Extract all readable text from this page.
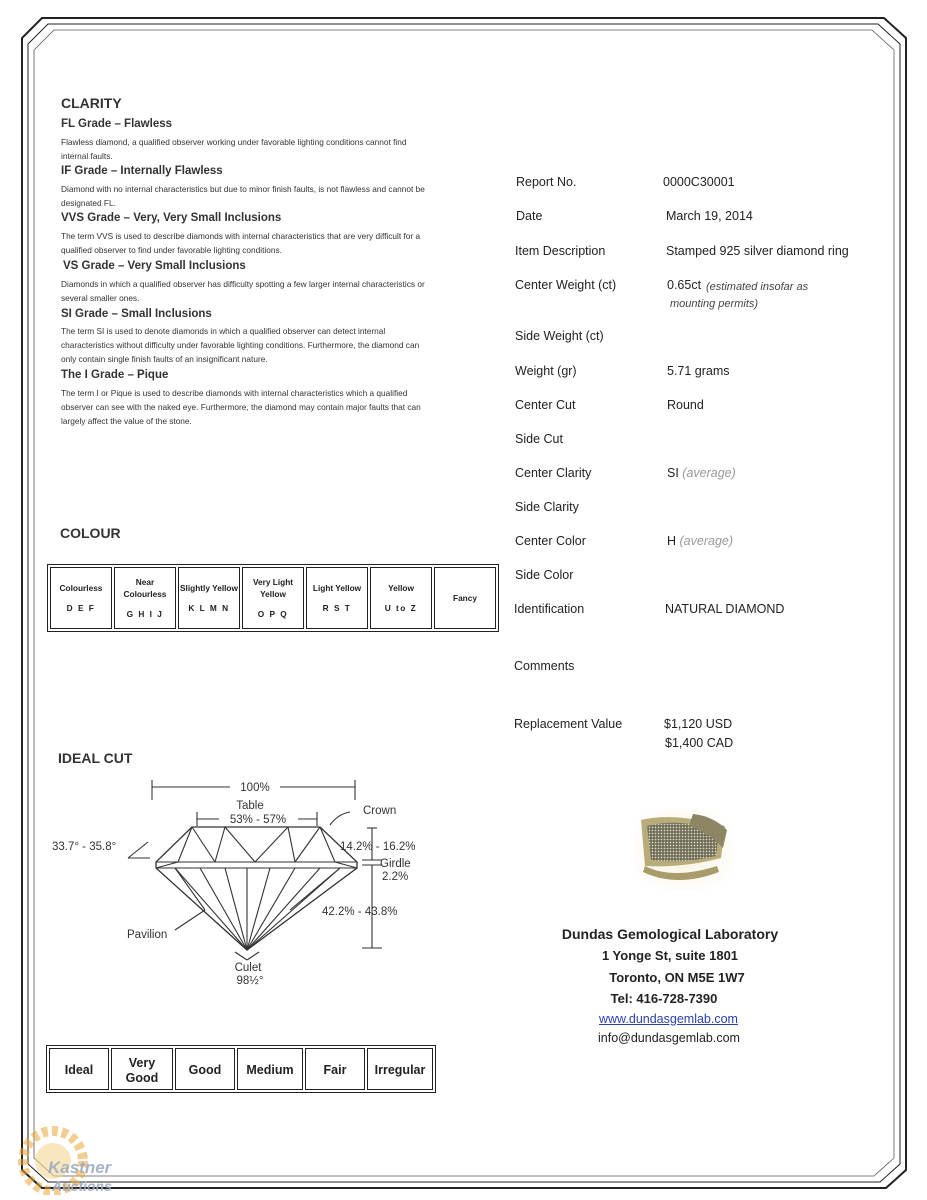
CLARITY
FL Grade – Flawless
Flawless diamond, a qualified observer working under favorable lighting conditions cannot find internal faults.
IF Grade – Internally Flawless
Diamond with no internal characteristics but due to minor finish faults, is not flawless and cannot be designated FL.
VVS Grade – Very, Very Small Inclusions
The term VVS is used to describe diamonds with internal characteristics that are very difficult for a qualified observer to find under favorable lighting conditions.
VS Grade – Very Small Inclusions
Diamonds in which a qualified observer has difficulty spotting a few larger internal characteristics or several smaller ones.
SI Grade – Small Inclusions
The term SI is used to denote diamonds in which a qualified observer can detect internal characteristics without difficulty under favorable lighting conditions. Furthermore, the diamond can only contain single finish faults of an insignificant nature.
The I Grade – Pique
The term I or Pique is used to describe diamonds with internal characteristics which a qualified observer can see with the naked eye. Furthermore, the diamond may contain major faults that can largely affect the value of the stone.
COLOUR
Colourless
D E F

Near Colourless
G H I J

Slightly Yellow
K L M N

Very Light Yellow
O P Q

Light Yellow
R S T

Yellow
U to Z

Fancy
IDEAL CUT
100%
Table
53% - 57%
Crown
33.7° - 35.8°	14.2% - 16.2%
Girdle
2.2%
42.2% - 43.8%
Pavilion
Culet
98½°
Ideal	Very Good	Good	Medium	Fair	Irregular
Report No.	0000C30001
Date	March 19, 2014
Item Description	Stamped 925 silver diamond ring
Center Weight (ct)	0.65ct (estimated insofar as mounting permits)
Side Weight (ct)
Weight (gr)	5.71 grams
Center Cut	Round
Side Cut
Center Clarity	SI (average)
Side Clarity
Center Color	H (average)
Side Color
Identification	NATURAL DIAMOND
Comments
Replacement Value	$1,120 USD
$1,400 CAD
Dundas Gemological Laboratory
1 Yonge St, suite 1801
Toronto, ON M5E 1W7
Tel: 416-728-7390
www.dundasgemlab.com
info@dundasgemlab.com
Kastner
Auctions
